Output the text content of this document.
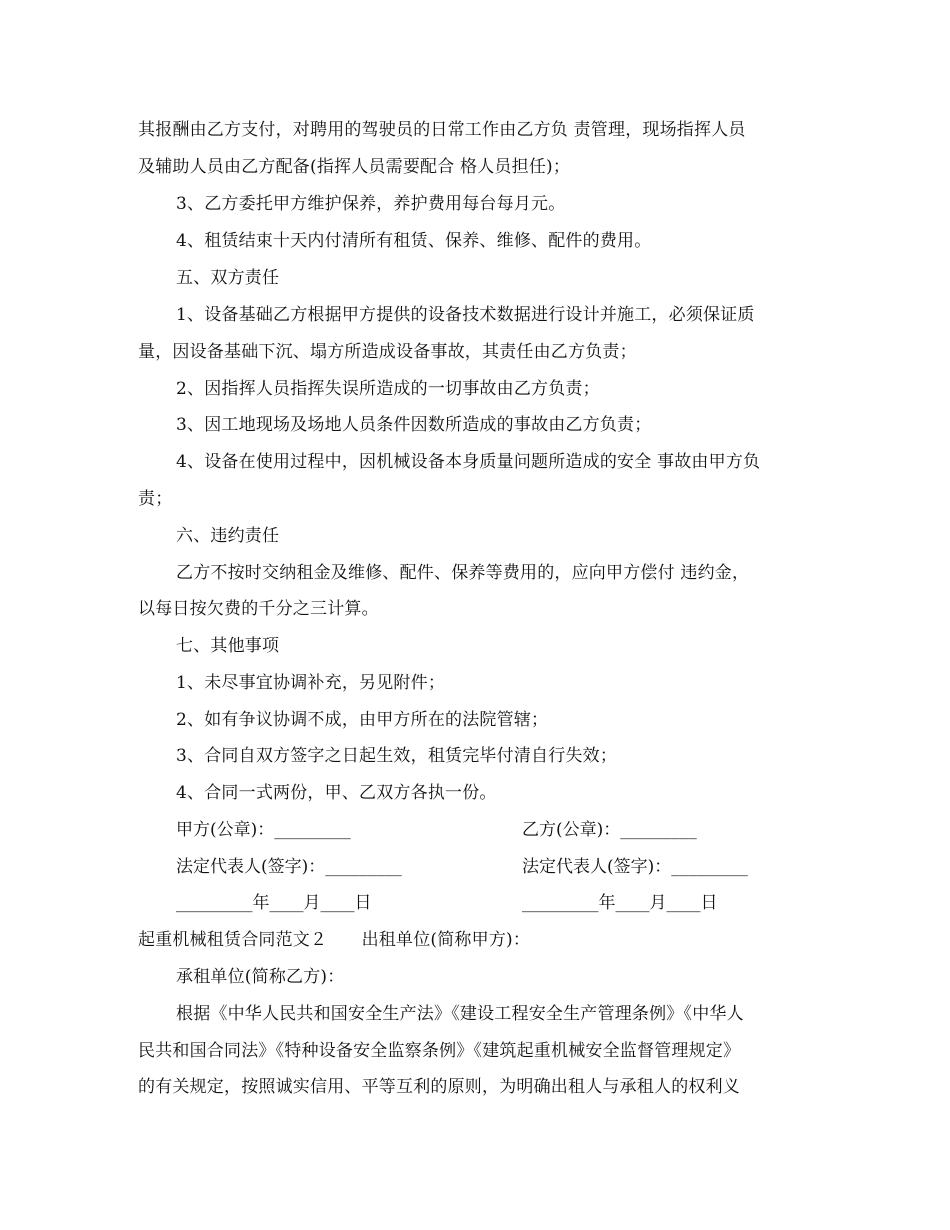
其报酬由乙方支付，对聘用的驾驶员的日常工作由乙方负 责管理，现场指挥人员
及辅助人员由乙方配备(指挥人员需要配合 格人员担任)；
3、乙方委托甲方维护保养，养护费用每台每月元。
4、租赁结束十天内付清所有租赁、保养、维修、配件的费用。
五、双方责任
1、设备基础乙方根据甲方提供的设备技术数据进行设计并施工，必须保证质
量，因设备基础下沉、塌方所造成设备事故，其责任由乙方负责；
2、因指挥人员指挥失误所造成的一切事故由乙方负责；
3、因工地现场及场地人员条件因数所造成的事故由乙方负责；
4、设备在使用过程中，因机械设备本身质量问题所造成的安全 事故由甲方负
责；
六、违约责任
乙方不按时交纳租金及维修、配件、保养等费用的，应向甲方偿付 违约金，
以每日按欠费的千分之三计算。
七、其他事项
1、未尽事宜协调补充，另见附件；
2、如有争议协调不成，由甲方所在的法院管辖；
3、合同自双方签字之日起生效，租赁完毕付清自行失效；
4、合同一式两份，甲、乙双方各执一份。
甲方(公章)：_________	乙方(公章)：_________
法定代表人(签字)：_________	法定代表人(签字)：_________
_________年____月____日	_________年____月____日
起重机械租赁合同范文２　　出租单位(简称甲方)：
承租单位(简称乙方)：
根据《中华人民共和国安全生产法》《建设工程安全生产管理条例》《中华人
民共和国合同法》《特种设备安全监察条例》《建筑起重机械安全监督管理规定》
的有关规定，按照诚实信用、平等互利的原则，为明确出租人与承租人的权利义
